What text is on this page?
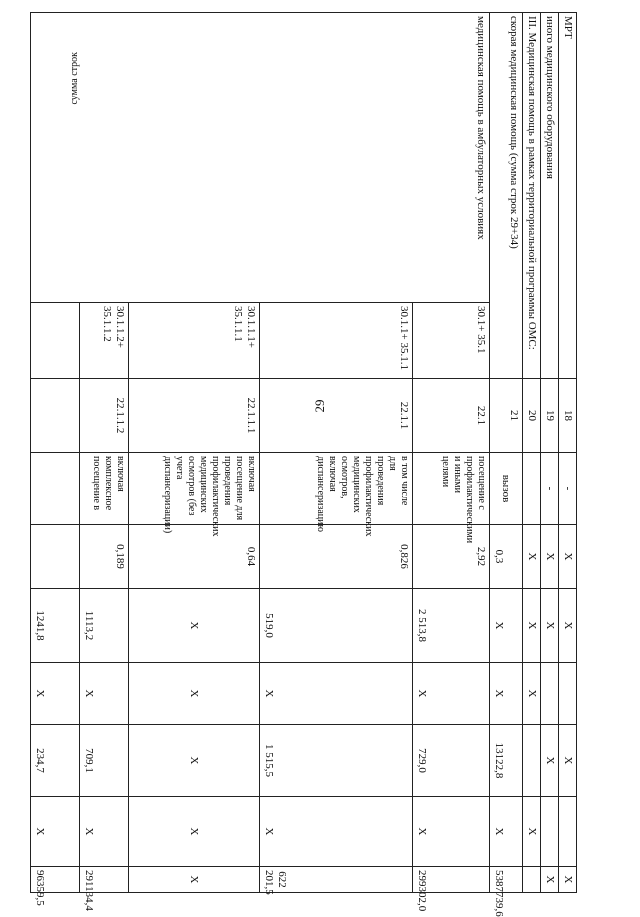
29
МРТ		18	-	X	X		X		X
иного медицинского оборудования		19	-	X	X		X		X
III. Медицинская помощь в рамках территориальной программы ОМС:		20		X	X	X		X	
скорая медицинская помощь (сумма строк 29+34)		21	вызов	0,3	X	X	13122,8	X	5387739,6
медицинская помощь в амбулаторных условиях	30.1+ 35.1	22.1	посещение с профилактическими и иными целями	2,92	2 513,8	X	729,0	X	299302,0
	30.1.1+ 35.1.1	22.1.1	в том числе для проведения профилактических медицинских осмотров, включая диспансеризацию	0,826	519,0	X	1 515,5	X	622 201,5
	30.1.1.1+ 35.1.1.1	22.1.1.1	включая посещение для проведения профилактических медицинских осмотров (без учета диспансеризации)	0,64	X	X	X	X	X
	30.1.1.2+ 35.1.1.2	22.1.1.2	включая комплексное посещение в	0,189	1113,2	X	709,1	X	291134,4
					1241,8	X	234,7	X	96359,5
сумма строк
